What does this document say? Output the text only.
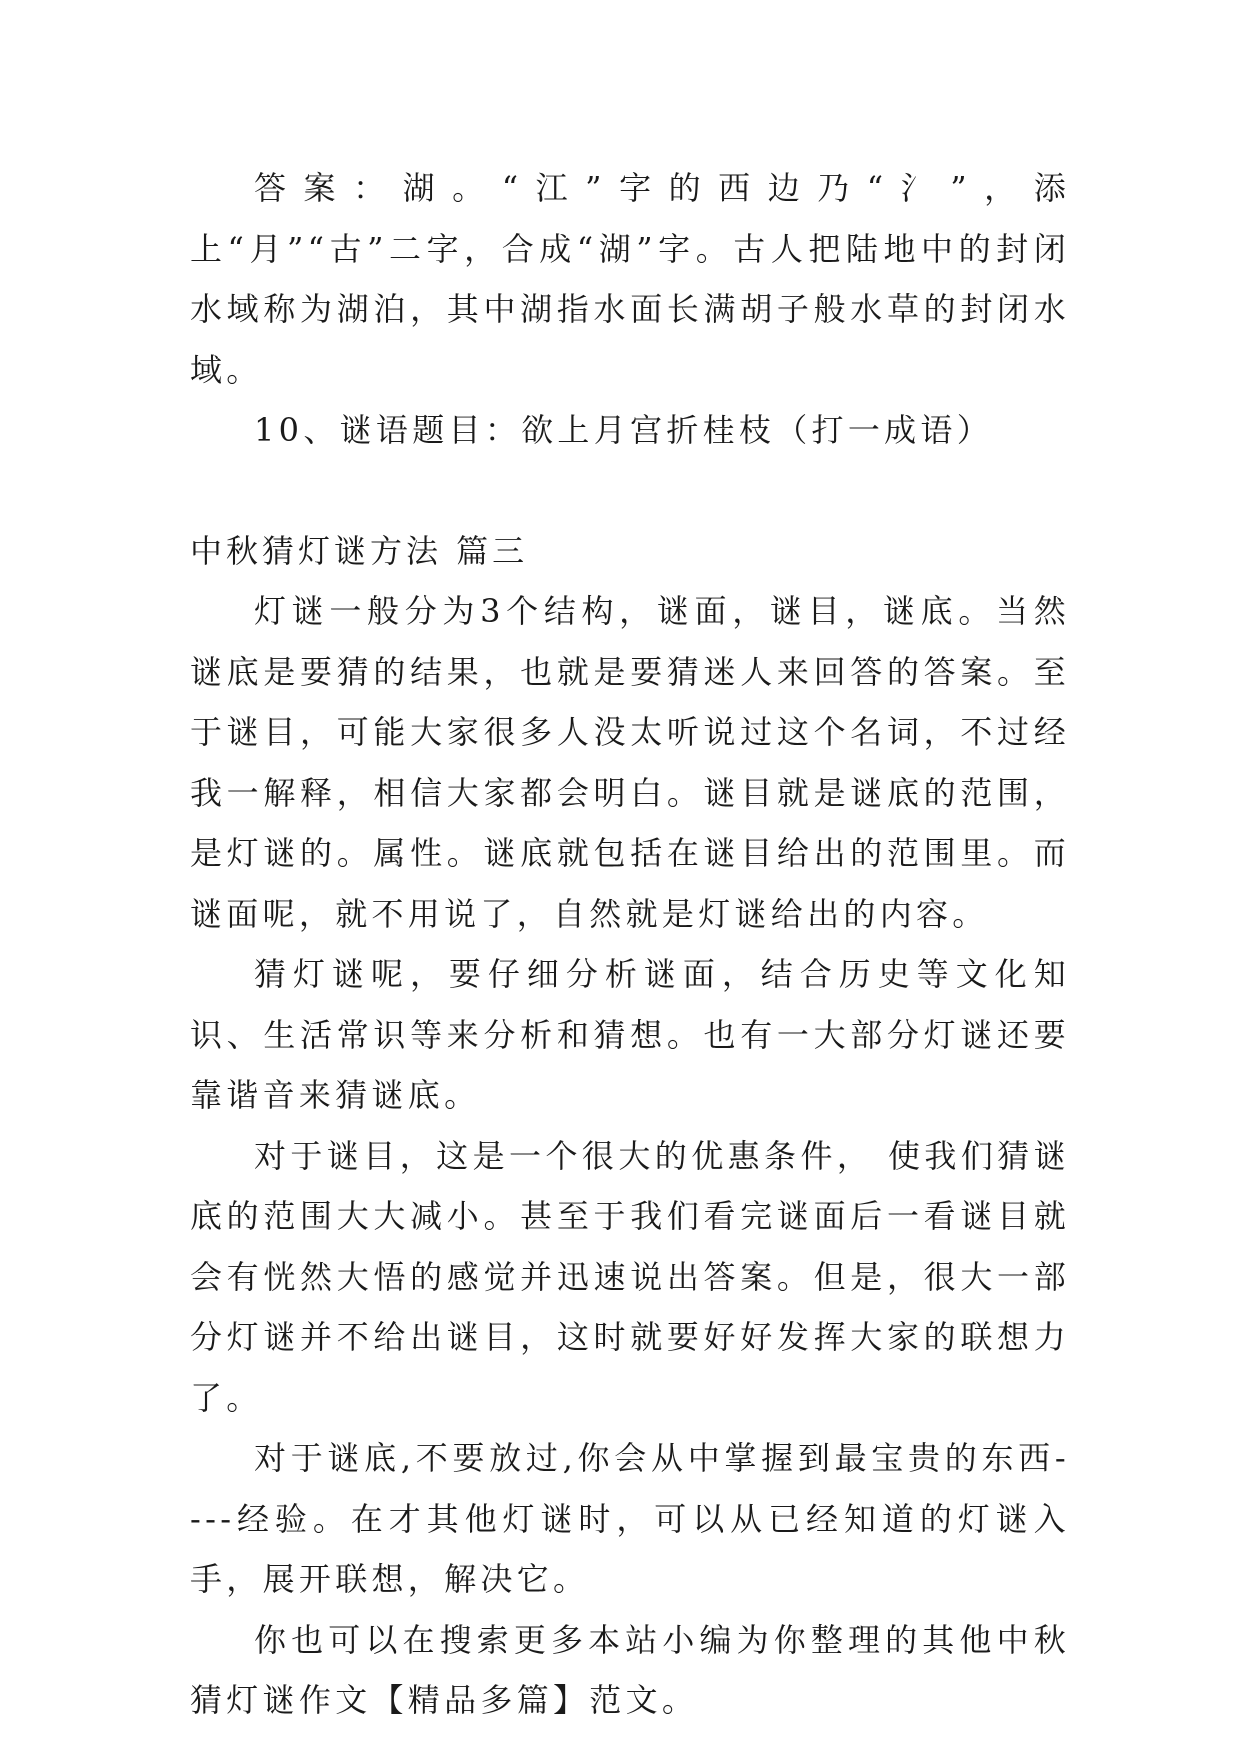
答案：湖。“江”字的西边乃“氵”，添上“月”“古”二字，合成“湖”字。古人把陆地中的封闭水域称为湖泊，其中湖指水面长满胡子般水草的封闭水域。

10、谜语题目：欲上月宫折桂枝（打一成语）

中秋猜灯谜方法 篇三

灯谜一般分为3个结构，谜面，谜目，谜底。当然谜底是要猜的结果，也就是要猜迷人来回答的答案。至于谜目，可能大家很多人没太听说过这个名词，不过经我一解释，相信大家都会明白。谜目就是谜底的范围，是灯谜的。属性。谜底就包括在谜目给出的范围里。而谜面呢，就不用说了，自然就是灯谜给出的内容。

猜灯谜呢，要仔细分析谜面，结合历史等文化知识、生活常识等来分析和猜想。也有一大部分灯谜还要靠谐音来猜谜底。

对于谜目，这是一个很大的优惠条件， 使我们猜谜底的范围大大减小。甚至于我们看完谜面后一看谜目就会有恍然大悟的感觉并迅速说出答案。但是，很大一部分灯谜并不给出谜目，这时就要好好发挥大家的联想力了。

对于谜底,不要放过,你会从中掌握到最宝贵的东西----经验。在才其他灯谜时，可以从已经知道的灯谜入手，展开联想，解决它。

你也可以在搜索更多本站小编为你整理的其他中秋猜灯谜作文【精品多篇】范文。
